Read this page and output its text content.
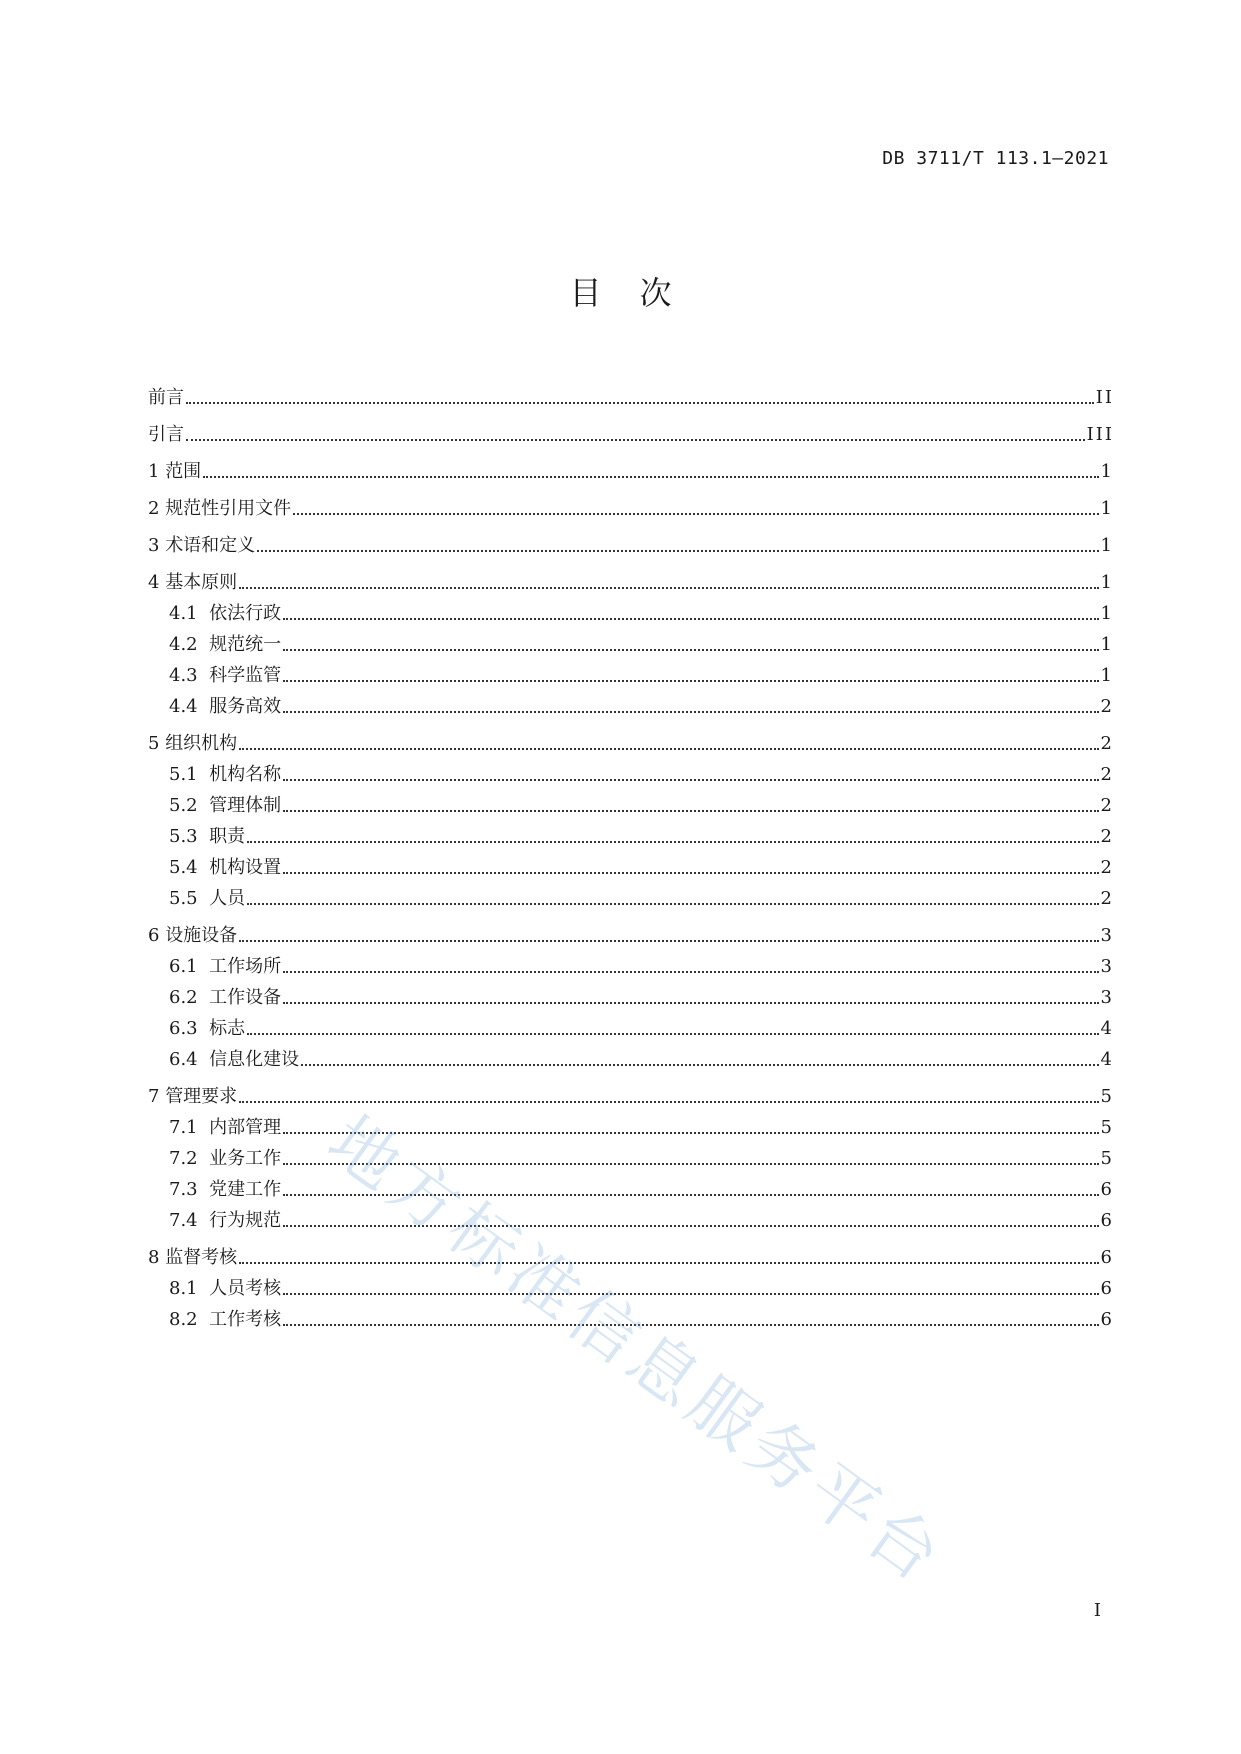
DB 3711/T 113.1—2021
目次
前言	II
引言	III
1 范围	1
2 规范性引用文件	1
3 术语和定义	1
4 基本原则	1
4.1  依法行政	1
4.2  规范统一	1
4.3  科学监管	1
4.4  服务高效	2
5 组织机构	2
5.1  机构名称	2
5.2  管理体制	2
5.3  职责	2
5.4  机构设置	2
5.5  人员	2
6 设施设备	3
6.1  工作场所	3
6.2  工作设备	3
6.3  标志	4
6.4  信息化建设	4
7 管理要求	5
7.1  内部管理	5
7.2  业务工作	5
7.3  党建工作	6
7.4  行为规范	6
8 监督考核	6
8.1  人员考核	6
8.2  工作考核	6
地方标准信息服务平台
I
